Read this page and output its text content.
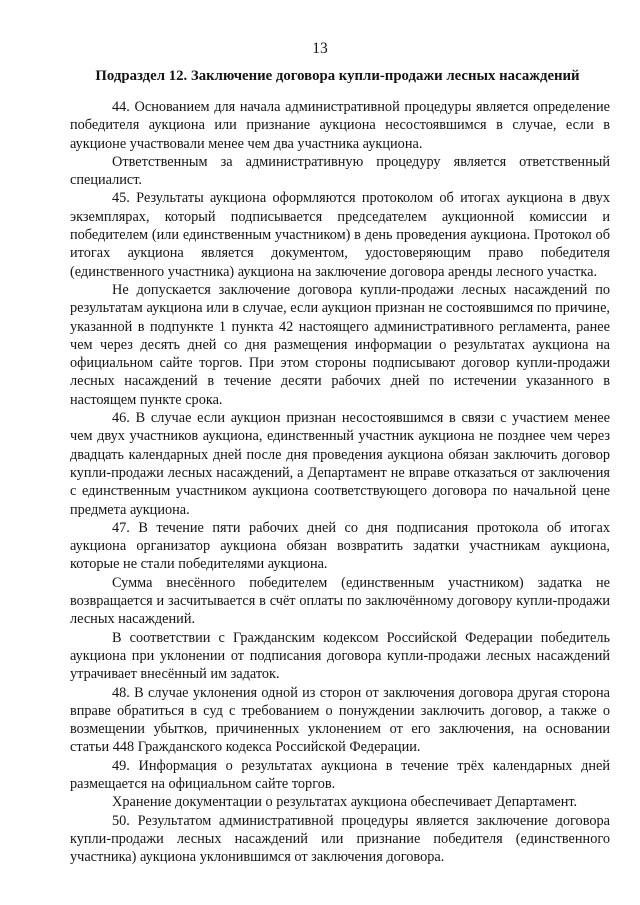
13
Подраздел 12. Заключение договора купли-продажи лесных насаждений

44. Основанием для начала административной процедуры является определение победителя аукциона или признание аукциона несостоявшимся в случае, если в аукционе участвовали менее чем два участника аукциона.

Ответственным за административную процедуру является ответственный специалист.

45. Результаты аукциона оформляются протоколом об итогах аукциона в двух экземплярах, который подписывается председателем аукционной комиссии и победителем (или единственным участником) в день проведения аукциона. Протокол об итогах аукциона является документом, удостоверяющим право победителя (единственного участника) аукциона на заключение договора аренды лесного участка.

Не допускается заключение договора купли-продажи лесных насаждений по результатам аукциона или в случае, если аукцион признан не состоявшимся по причине, указанной в подпункте 1 пункта 42 настоящего административного регламента, ранее чем через десять дней со дня размещения информации о результатах аукциона на официальном сайте торгов. При этом стороны подписывают договор купли-продажи лесных насаждений в течение десяти рабочих дней по истечении указанного в настоящем пункте срока.

46. В случае если аукцион признан несостоявшимся в связи с участием менее чем двух участников аукциона, единственный участник аукциона не позднее чем через двадцать календарных дней после дня проведения аукциона обязан заключить договор купли-продажи лесных насаждений, а Департамент не вправе отказаться от заключения с единственным участником аукциона соответствующего договора по начальной цене предмета аукциона.

47. В течение пяти рабочих дней со дня подписания протокола об итогах аукциона организатор аукциона обязан возвратить задатки участникам аукциона, которые не стали победителями аукциона.

Сумма внесённого победителем (единственным участником) задатка не возвращается и засчитывается в счёт оплаты по заключённому договору купли-продажи лесных насаждений.

В соответствии с Гражданским кодексом Российской Федерации победитель аукциона при уклонении от подписания договора купли-продажи лесных насаждений утрачивает внесённый им задаток.

48. В случае уклонения одной из сторон от заключения договора другая сторона вправе обратиться в суд с требованием о понуждении заключить договор, а также о возмещении убытков, причиненных уклонением от его заключения, на основании статьи 448 Гражданского кодекса Российской Федерации.

49. Информация о результатах аукциона в течение трёх календарных дней размещается на официальном сайте торгов.

Хранение документации о результатах аукциона обеспечивает Департамент.

50. Результатом административной процедуры является заключение договора купли-продажи лесных насаждений или признание победителя (единственного участника) аукциона уклонившимся от заключения договора.
